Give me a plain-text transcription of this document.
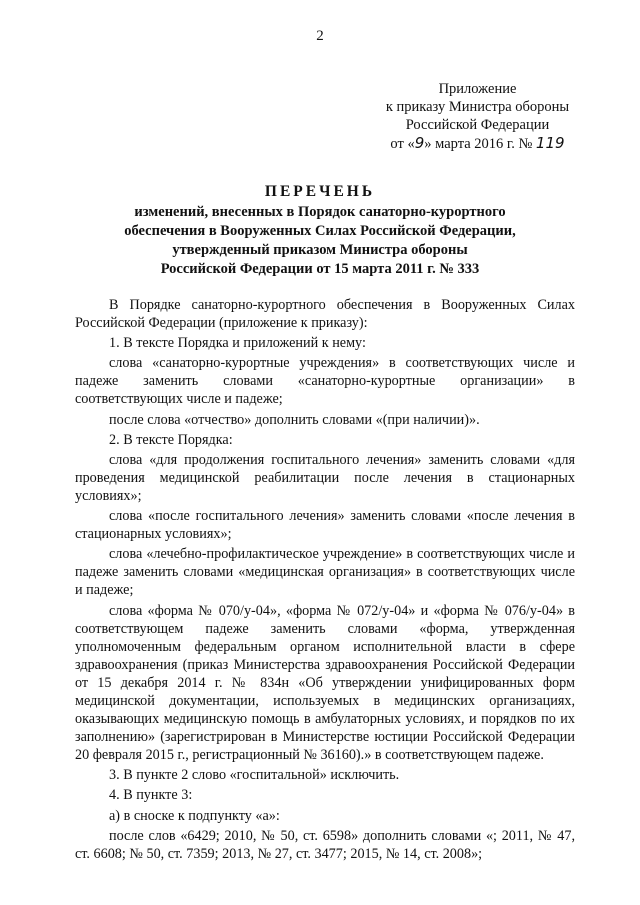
2
Приложение
к приказу Министра обороны
Российской Федерации
от «9» марта 2016 г. № 119
ПЕРЕЧЕНЬ
изменений, внесенных в Порядок санаторно-курортного
обеспечения в Вооруженных Силах Российской Федерации,
утвержденный приказом Министра обороны
Российской Федерации от 15 марта 2011 г. № 333

В Порядке санаторно-курортного обеспечения в Вооруженных Силах Российской Федерации (приложение к приказу):

1. В тексте Порядка и приложений к нему:

слова «санаторно-курортные учреждения» в соответствующих числе и падеже заменить словами «санаторно-курортные организации» в соответствующих числе и падеже;

после слова «отчество» дополнить словами «(при наличии)».

2. В тексте Порядка:

слова «для продолжения госпитального лечения» заменить словами «для проведения медицинской реабилитации после лечения в стационарных условиях»;

слова «после госпитального лечения» заменить словами «после лечения в стационарных условиях»;

слова «лечебно-профилактическое учреждение» в соответствующих числе и падеже заменить словами «медицинская организация» в соответствующих числе и падеже;

слова «форма № 070/у-04», «форма № 072/у-04» и «форма № 076/у-04» в соответствующем падеже заменить словами «форма, утвержденная уполномоченным федеральным органом исполнительной власти в сфере здравоохранения (приказ Министерства здравоохранения Российской Федерации от 15 декабря 2014 г. № 834н «Об утверждении унифицированных форм медицинской документации, используемых в медицинских организациях, оказывающих медицинскую помощь в амбулаторных условиях, и порядков по их заполнению» (зарегистрирован в Министерстве юстиции Российской Федерации 20 февраля 2015 г., регистрационный № 36160).» в соответствующем падеже.

3. В пункте 2 слово «госпитальной» исключить.

4. В пункте 3:

а) в сноске к подпункту «а»:

после слов «6429; 2010, № 50, ст. 6598» дополнить словами «; 2011, № 47, ст. 6608; № 50, ст. 7359; 2013, № 27, ст. 3477; 2015, № 14, ст. 2008»;
